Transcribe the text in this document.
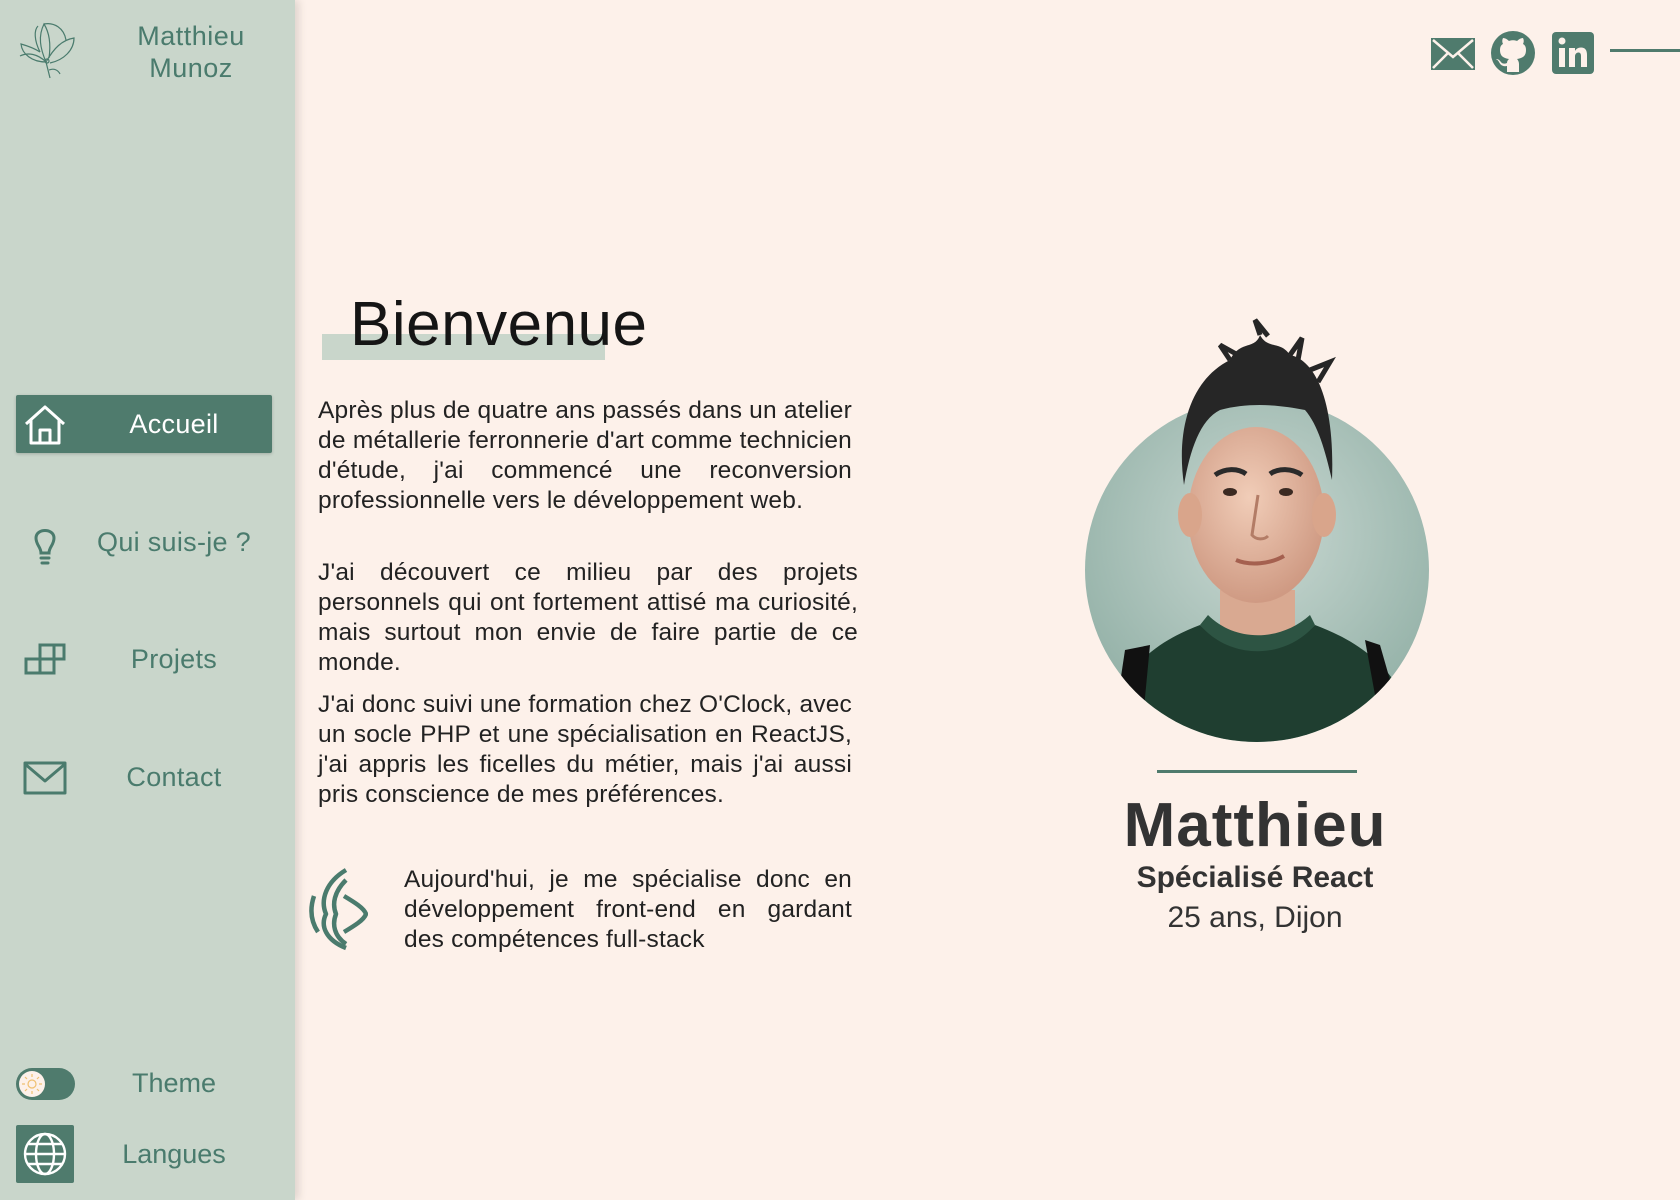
Matthieu
Munoz
Accueil
Qui suis-je ?
Projets
Contact
Theme
Langues
Bienvenue

Après plus de quatre ans passés dans un atelier de métallerie ferronnerie d'art comme technicien d'étude, j'ai commencé une reconversion professionnelle vers le développement web.

J'ai découvert ce milieu par des projets personnels qui ont fortement attisé ma curiosité, mais surtout mon envie de faire partie de ce monde.

J'ai donc suivi une formation chez O'Clock, avec un socle PHP et une spécialisation en ReactJS, j'ai appris les ficelles du métier, mais j'ai aussi pris conscience de mes préférences.

Aujourd'hui, je me spécialise donc en développement front-end en gardant des compétences full-stack

Matthieu
Spécialisé React
25 ans, Dijon
